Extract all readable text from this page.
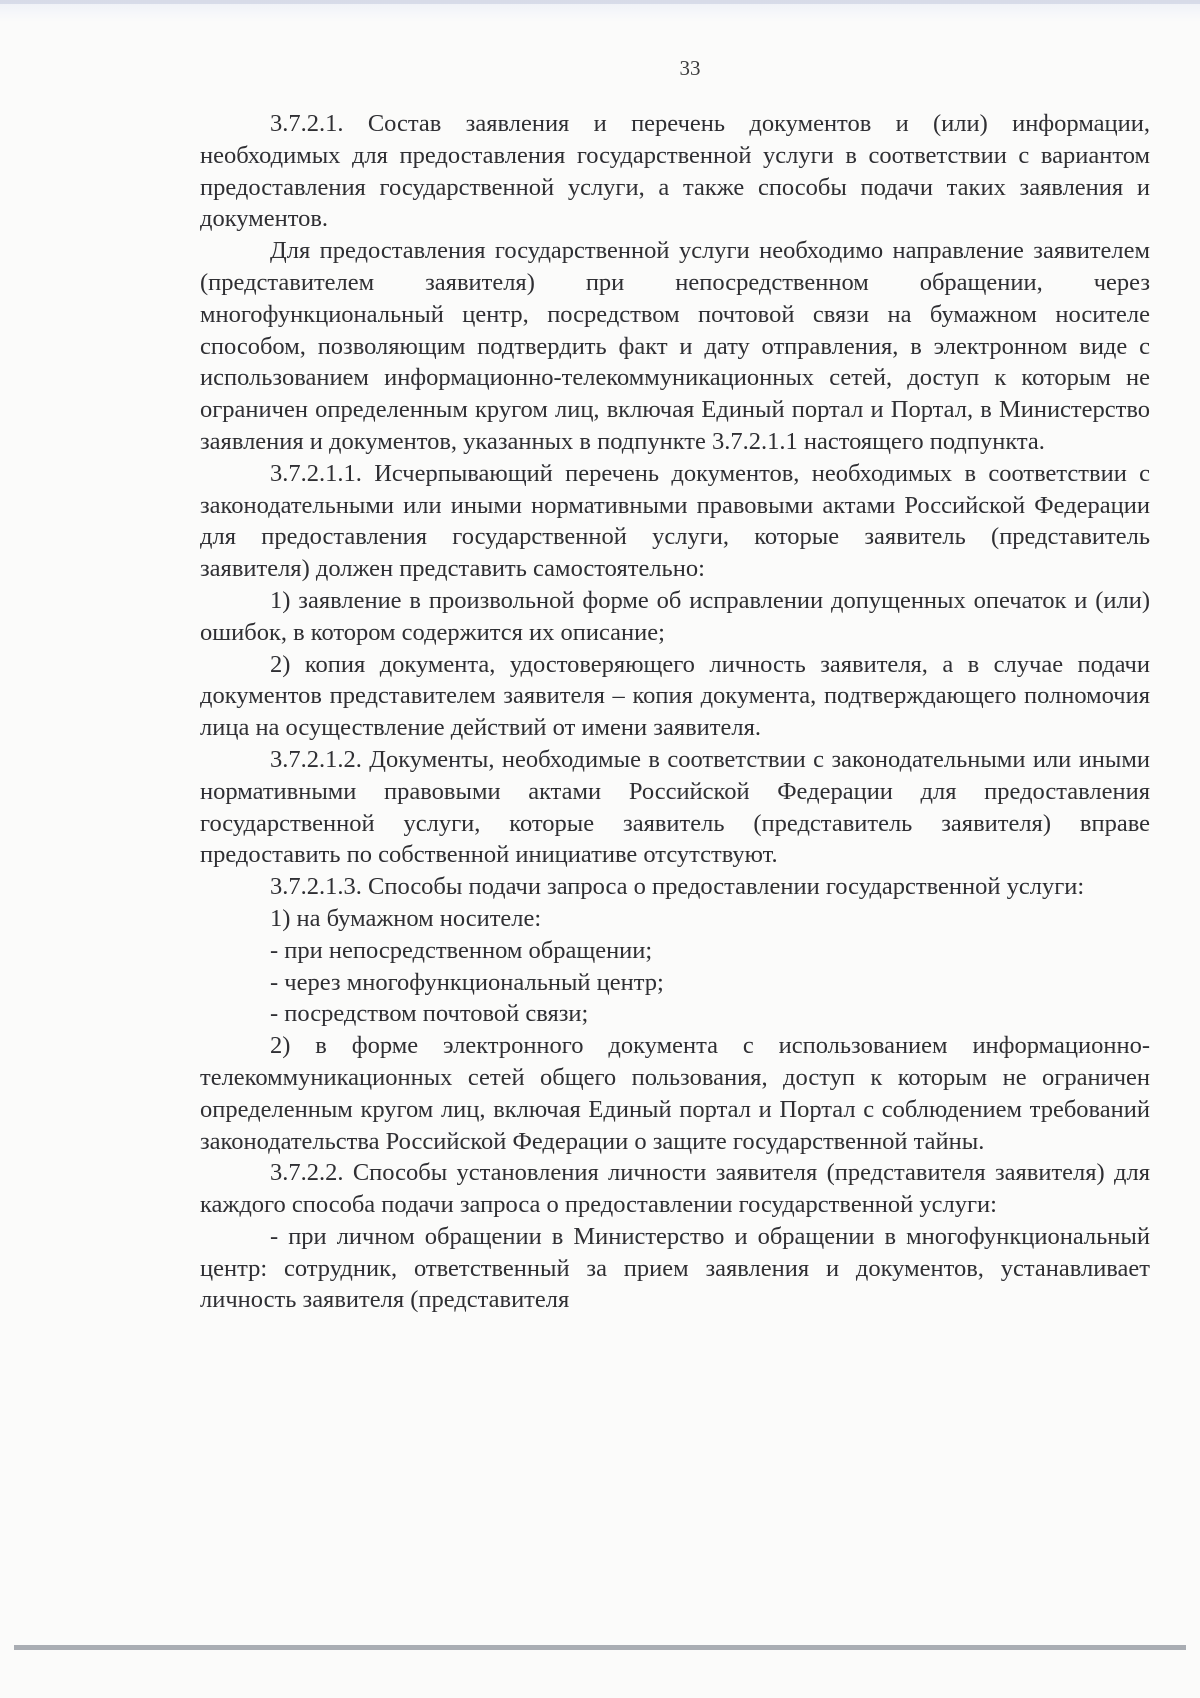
33

3.7.2.1. Состав заявления и перечень документов и (или) информации, необходимых для предоставления государственной услуги в соответствии с вариантом предоставления государственной услуги, а также способы подачи таких заявления и документов.

Для предоставления государственной услуги необходимо направление заявителем (представителем заявителя) при непосредственном обращении, через многофункциональный центр, посредством почтовой связи на бумажном носителе способом, позволяющим подтвердить факт и дату отправления, в электронном виде с использованием информационно-телекоммуникационных сетей, доступ к которым не ограничен определенным кругом лиц, включая Единый портал и Портал, в Министерство заявления и документов, указанных в подпункте 3.7.2.1.1 настоящего подпункта.

3.7.2.1.1. Исчерпывающий перечень документов, необходимых в соответствии с законодательными или иными нормативными правовыми актами Российской Федерации для предоставления государственной услуги, которые заявитель (представитель заявителя) должен представить самостоятельно:

1) заявление в произвольной форме об исправлении допущенных опечаток и (или) ошибок, в котором содержится их описание;

2) копия документа, удостоверяющего личность заявителя, а в случае подачи документов представителем заявителя – копия документа, подтверждающего полномочия лица на осуществление действий от имени заявителя.

3.7.2.1.2. Документы, необходимые в соответствии с законодательными или иными нормативными правовыми актами Российской Федерации для предоставления государственной услуги, которые заявитель (представитель заявителя) вправе предоставить по собственной инициативе отсутствуют.

3.7.2.1.3. Способы подачи запроса о предоставлении государственной услуги:

1) на бумажном носителе:

- при непосредственном обращении;

- через многофункциональный центр;

- посредством почтовой связи;

2) в форме электронного документа с использованием информационно-телекоммуникационных сетей общего пользования, доступ к которым не ограничен определенным кругом лиц, включая Единый портал и Портал с соблюдением требований законодательства Российской Федерации о защите государственной тайны.

3.7.2.2. Способы установления личности заявителя (представителя заявителя) для каждого способа подачи запроса о предоставлении государственной услуги:

- при личном обращении в Министерство и обращении в многофункциональный центр: сотрудник, ответственный за прием заявления и документов, устанавливает личность заявителя (представителя
